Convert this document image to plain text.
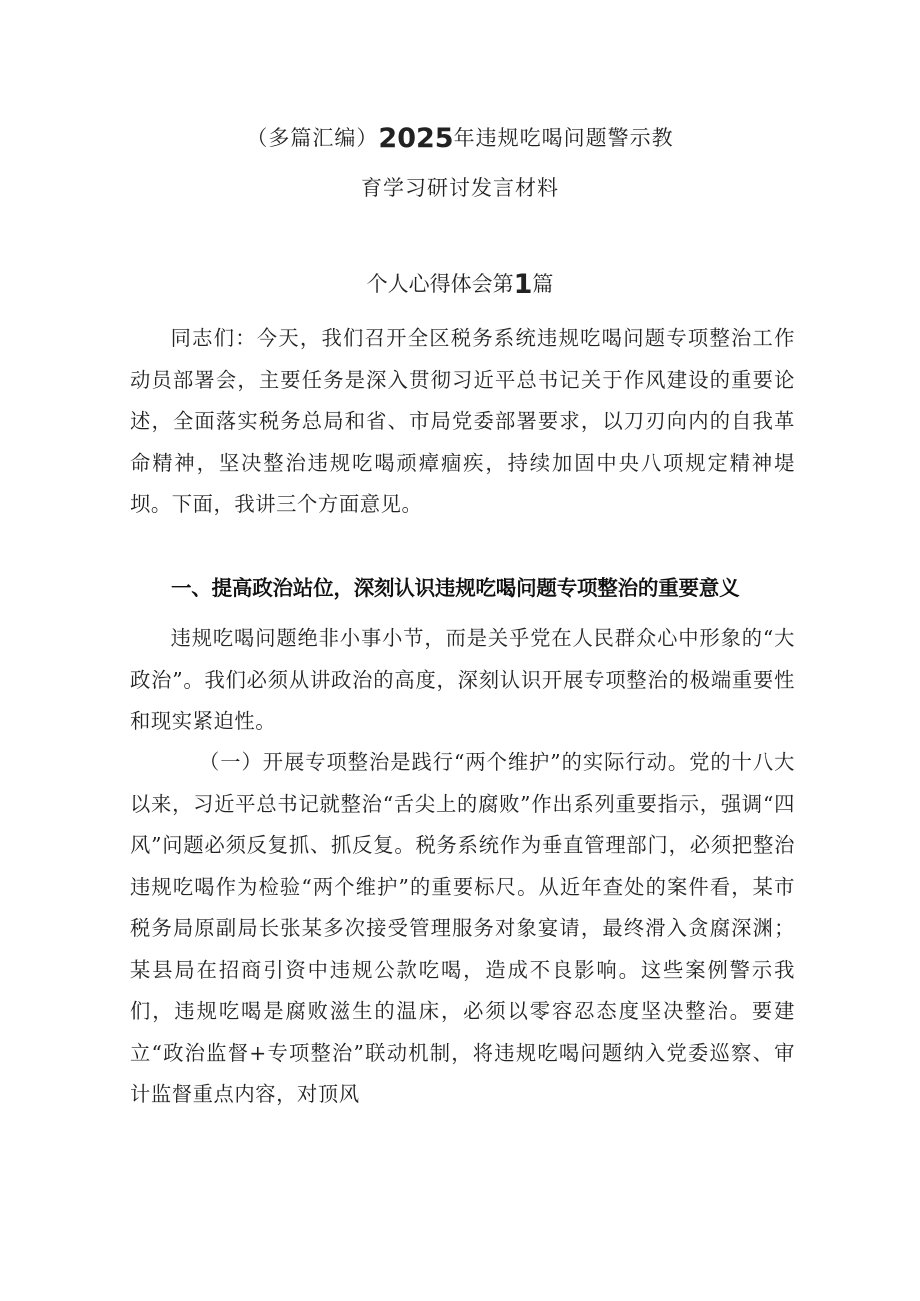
（多篇汇编）2025年违规吃喝问题警示教
育学习研讨发言材料
个人心得体会第1篇

同志们：今天，我们召开全区税务系统违规吃喝问题专项整治工作动员部署会，主要任务是深入贯彻习近平总书记关于作风建设的重要论述，全面落实税务总局和省、市局党委部署要求，以刀刃向内的自我革命精神，坚决整治违规吃喝顽瘴痼疾，持续加固中央八项规定精神堤坝。下面，我讲三个方面意见。

一、提高政治站位，深刻认识违规吃喝问题专项整治的重要意义

违规吃喝问题绝非小事小节，而是关乎党在人民群众心中形象的“大政治”。我们必须从讲政治的高度，深刻认识开展专项整治的极端重要性和现实紧迫性。

（一）开展专项整治是践行“两个维护”的实际行动。党的十八大以来，习近平总书记就整治“舌尖上的腐败”作出系列重要指示，强调“四风”问题必须反复抓、抓反复。税务系统作为垂直管理部门，必须把整治违规吃喝作为检验“两个维护”的重要标尺。从近年查处的案件看，某市税务局原副局长张某多次接受管理服务对象宴请，最终滑入贪腐深渊；某县局在招商引资中违规公款吃喝，造成不良影响。这些案例警示我们，违规吃喝是腐败滋生的温床，必须以零容忍态度坚决整治。要建立“政治监督+专项整治”联动机制，将违规吃喝问题纳入党委巡察、审计监督重点内容，对顶风
